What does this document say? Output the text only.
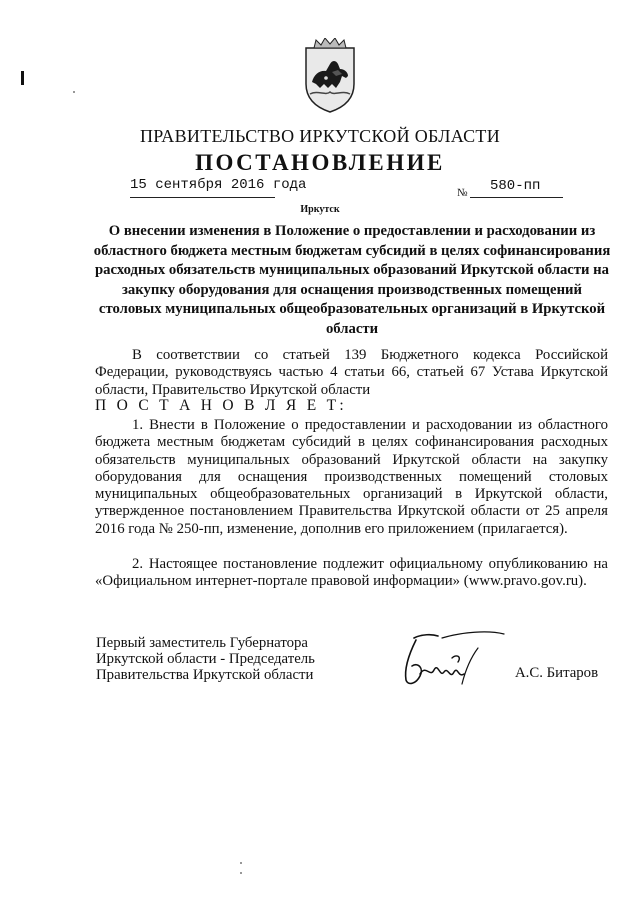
ПРАВИТЕЛЬСТВО ИРКУТСКОЙ ОБЛАСТИ
ПОСТАНОВЛЕНИЕ
15 сентября 2016 года	№ 580-пп
Иркутск
О внесении изменения в Положение о предоставлении и расходовании из областного бюджета местным бюджетам субсидий в целях софинансирования расходных обязательств муниципальных образований Иркутской области на закупку оборудования для оснащения производственных помещений столовых муниципальных общеобразовательных организаций в Иркутской области
В соответствии со статьей 139 Бюджетного кодекса Российской Федерации, руководствуясь частью 4 статьи 66, статьей 67 Устава Иркутской области, Правительство Иркутской области
П О С Т А Н О В Л Я Е Т:
1. Внести в Положение о предоставлении и расходовании из областного бюджета местным бюджетам субсидий в целях софинансирования расходных обязательств муниципальных образований Иркутской области на закупку оборудования для оснащения производственных помещений столовых муниципальных общеобразовательных организаций в Иркутской области, утвержденное постановлением Правительства Иркутской области от 25 апреля 2016 года № 250-пп, изменение, дополнив его приложением (прилагается).
2. Настоящее постановление подлежит официальному опубликованию на «Официальном интернет-портале правовой информации» (www.pravo.gov.ru).
Первый заместитель Губернатора
Иркутской области - Председатель
Правительства Иркутской области	А.С. Битаров
